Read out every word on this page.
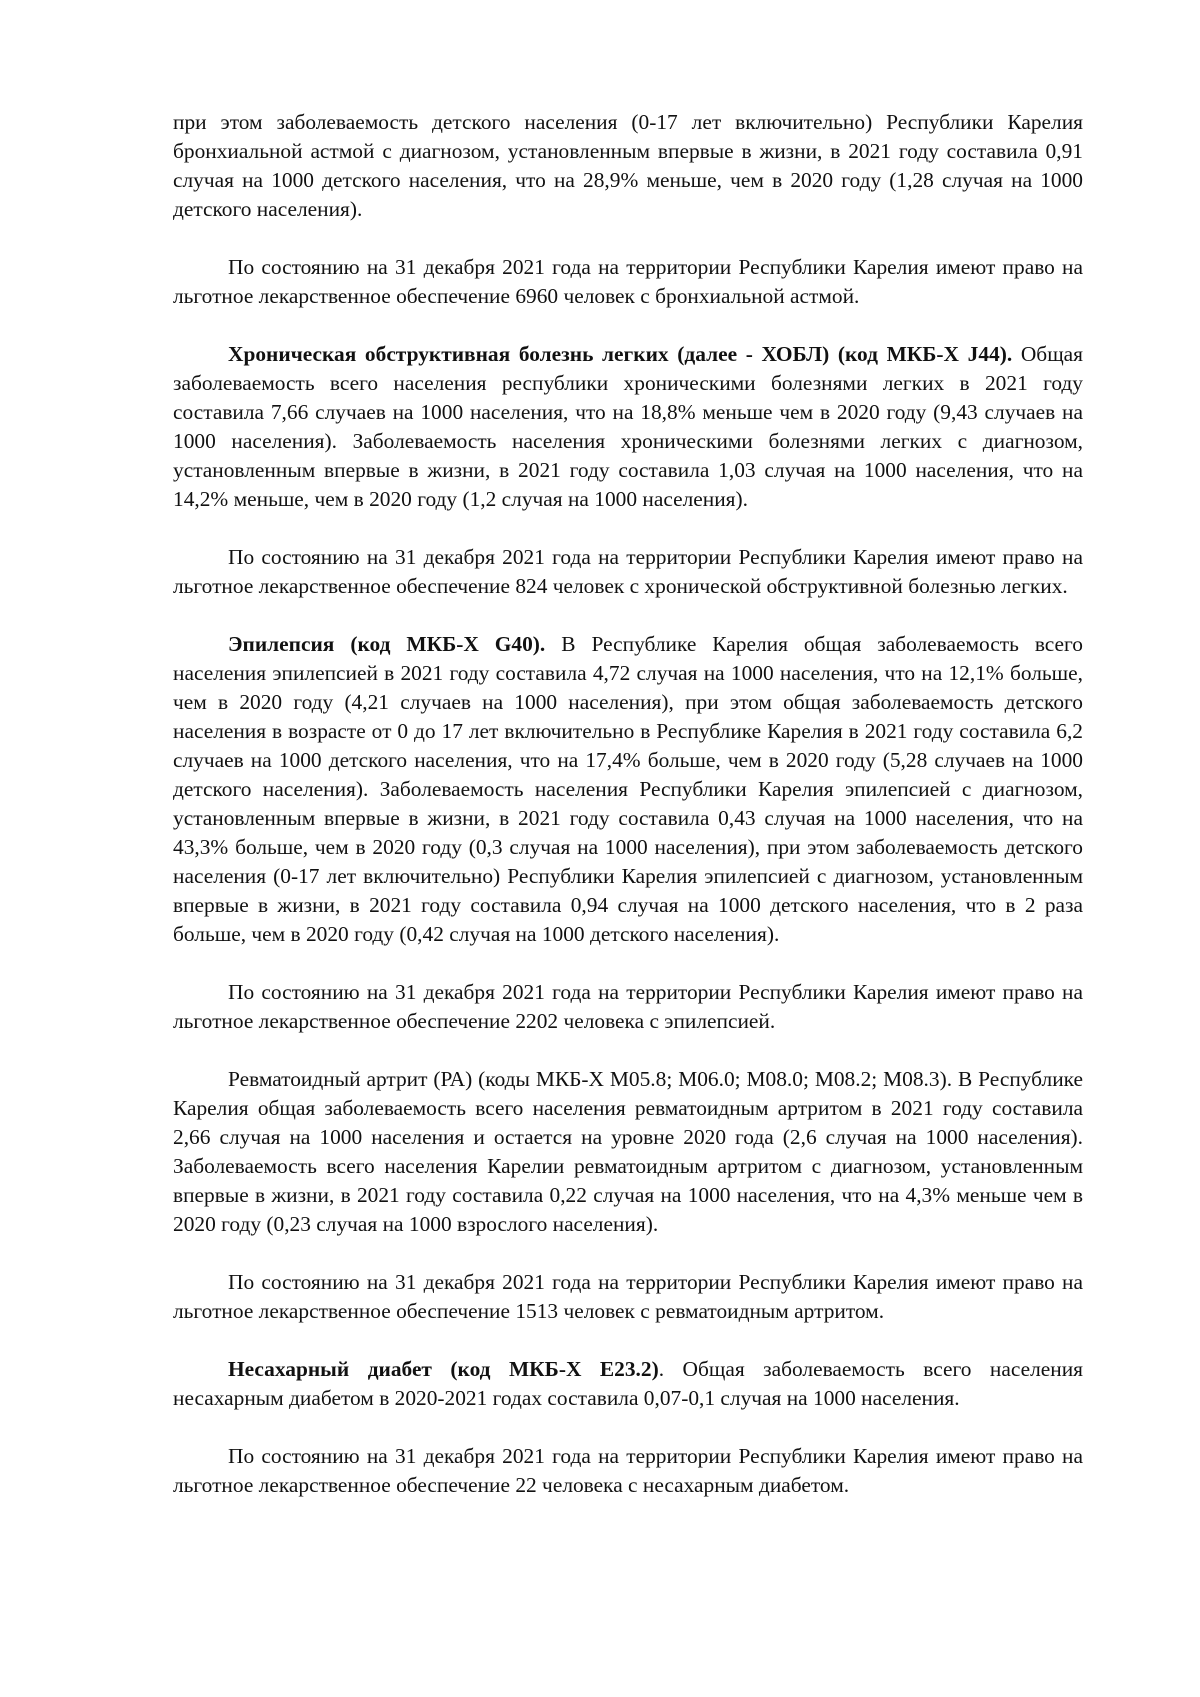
при этом заболеваемость детского населения (0-17 лет включительно) Республики Карелия бронхиальной астмой с диагнозом, установленным впервые в жизни, в 2021 году составила 0,91 случая на 1000 детского населения, что на 28,9% меньше, чем в 2020 году (1,28 случая на 1000 детского населения).

По состоянию на 31 декабря 2021 года на территории Республики Карелия имеют право на льготное лекарственное обеспечение 6960 человек с бронхиальной астмой.

Хроническая обструктивная болезнь легких (далее - ХОБЛ) (код МКБ-Х J44). Общая заболеваемость всего населения республики хроническими болезнями легких в 2021 году составила 7,66 случаев на 1000 населения, что на 18,8% меньше чем в 2020 году (9,43 случаев на 1000 населения). Заболеваемость населения хроническими болезнями легких с диагнозом, установленным впервые в жизни, в 2021 году составила 1,03 случая на 1000 населения, что на 14,2% меньше, чем в 2020 году (1,2 случая на 1000 населения).

По состоянию на 31 декабря 2021 года на территории Республики Карелия имеют право на льготное лекарственное обеспечение 824 человек с хронической обструктивной болезнью легких.

Эпилепсия (код МКБ-Х G40). В Республике Карелия общая заболеваемость всего населения эпилепсией в 2021 году составила 4,72 случая на 1000 населения, что на 12,1% больше, чем в 2020 году (4,21 случаев на 1000 населения), при этом общая заболеваемость детского населения в возрасте от 0 до 17 лет включительно в Республике Карелия в 2021 году составила 6,2 случаев на 1000 детского населения, что на 17,4% больше, чем в 2020 году (5,28 случаев на 1000 детского населения). Заболеваемость населения Республики Карелия эпилепсией с диагнозом, установленным впервые в жизни, в 2021 году составила 0,43 случая на 1000 населения, что на 43,3% больше, чем в 2020 году (0,3 случая на 1000 населения), при этом заболеваемость детского населения (0-17 лет включительно) Республики Карелия эпилепсией с диагнозом, установленным впервые в жизни, в 2021 году составила 0,94 случая на 1000 детского населения, что в 2 раза больше, чем в 2020 году (0,42 случая на 1000 детского населения).

По состоянию на 31 декабря 2021 года на территории Республики Карелия имеют право на льготное лекарственное обеспечение 2202 человека с эпилепсией.

Ревматоидный артрит (РА) (коды МКБ-Х М05.8; М06.0; М08.0; М08.2; М08.3). В Республике Карелия общая заболеваемость всего населения ревматоидным артритом в 2021 году составила 2,66 случая на 1000 населения и остается на уровне 2020 года (2,6 случая на 1000 населения). Заболеваемость всего населения Карелии ревматоидным артритом с диагнозом, установленным впервые в жизни, в 2021 году составила 0,22 случая на 1000 населения, что на 4,3% меньше чем в 2020 году (0,23 случая на 1000 взрослого населения).

По состоянию на 31 декабря 2021 года на территории Республики Карелия имеют право на льготное лекарственное обеспечение 1513 человек с ревматоидным артритом.

Несахарный диабет (код МКБ-Х Е23.2). Общая заболеваемость всего населения несахарным диабетом в 2020-2021 годах составила 0,07-0,1 случая на 1000 населения.

По состоянию на 31 декабря 2021 года на территории Республики Карелия имеют право на льготное лекарственное обеспечение 22 человека с несахарным диабетом.
